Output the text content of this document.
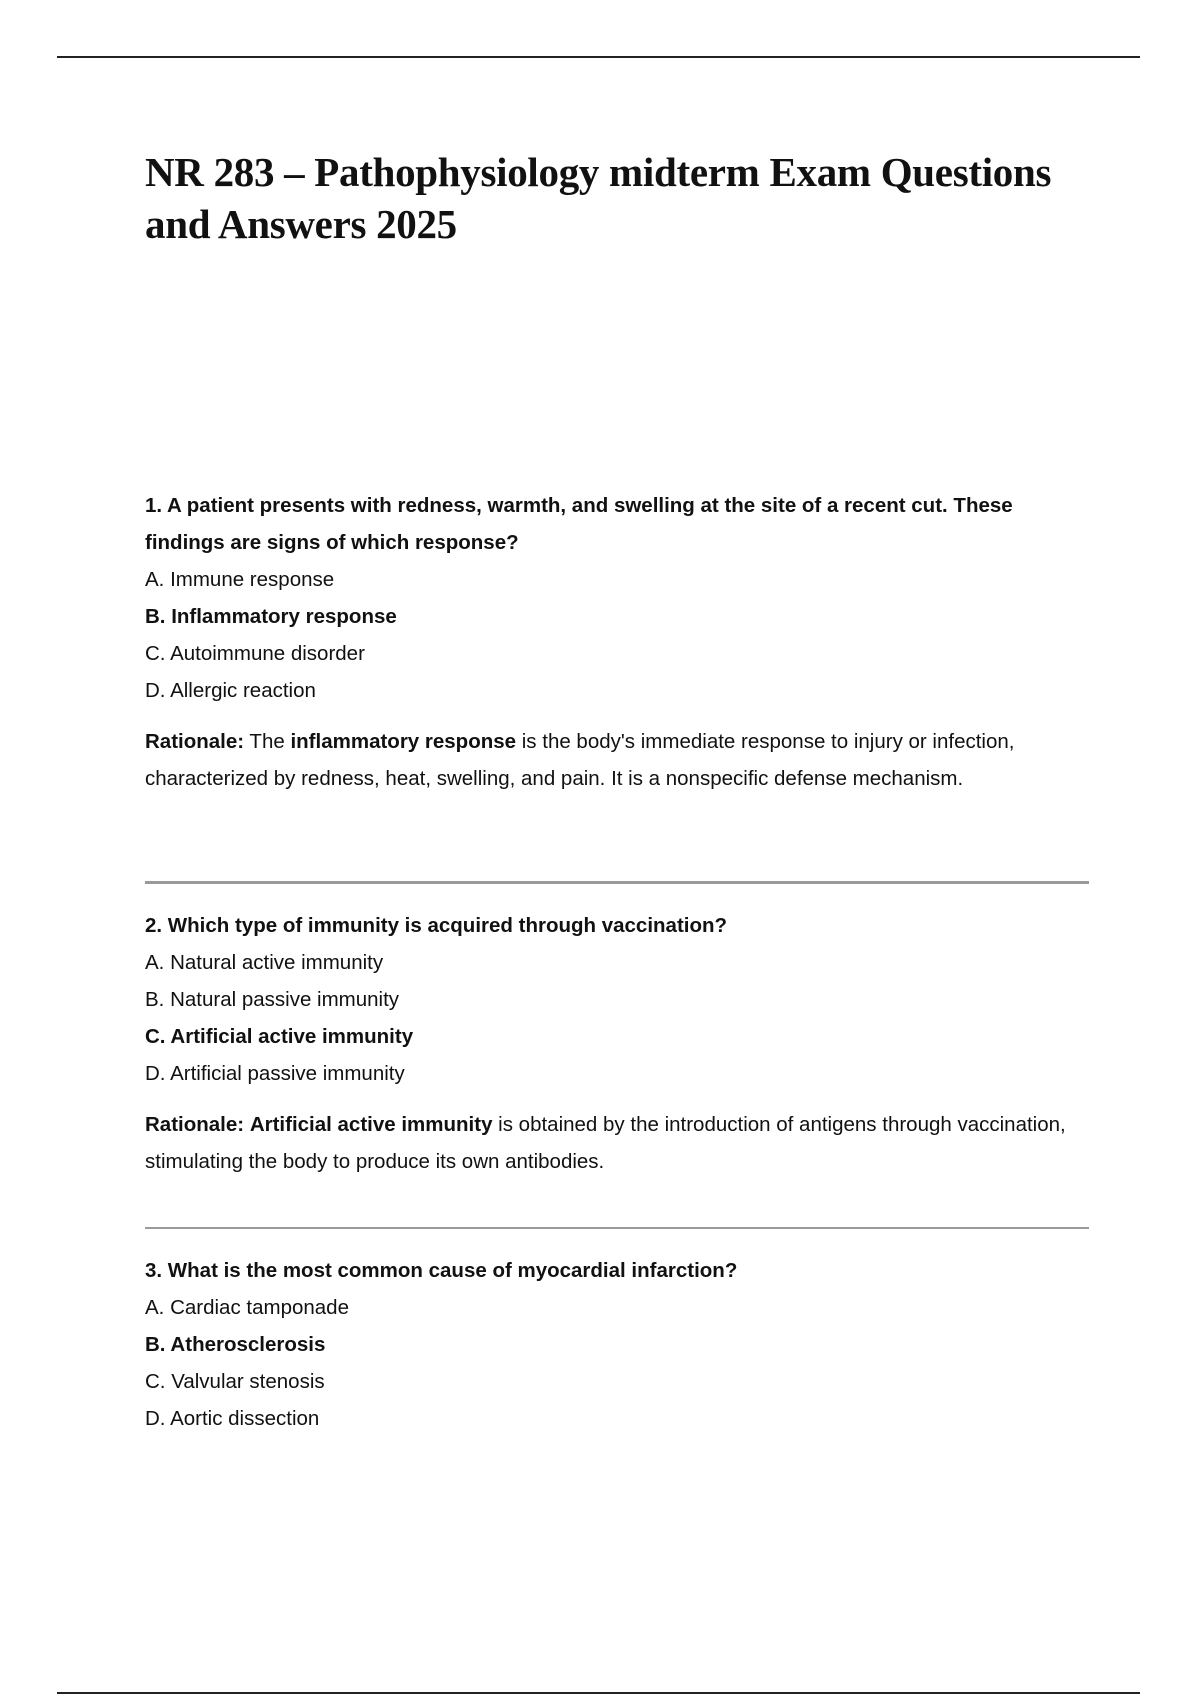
NR 283 – Pathophysiology midterm Exam Questions and Answers 2025

1. A patient presents with redness, warmth, and swelling at the site of a recent cut. These findings are signs of which response?

A. Immune response

B. Inflammatory response

C. Autoimmune disorder

D. Allergic reaction

Rationale: The inflammatory response is the body's immediate response to injury or infection, characterized by redness, heat, swelling, and pain. It is a nonspecific defense mechanism.

2. Which type of immunity is acquired through vaccination?

A. Natural active immunity

B. Natural passive immunity

C. Artificial active immunity

D. Artificial passive immunity

Rationale: Artificial active immunity is obtained by the introduction of antigens through vaccination, stimulating the body to produce its own antibodies.

3. What is the most common cause of myocardial infarction?

A. Cardiac tamponade

B. Atherosclerosis

C. Valvular stenosis

D. Aortic dissection
